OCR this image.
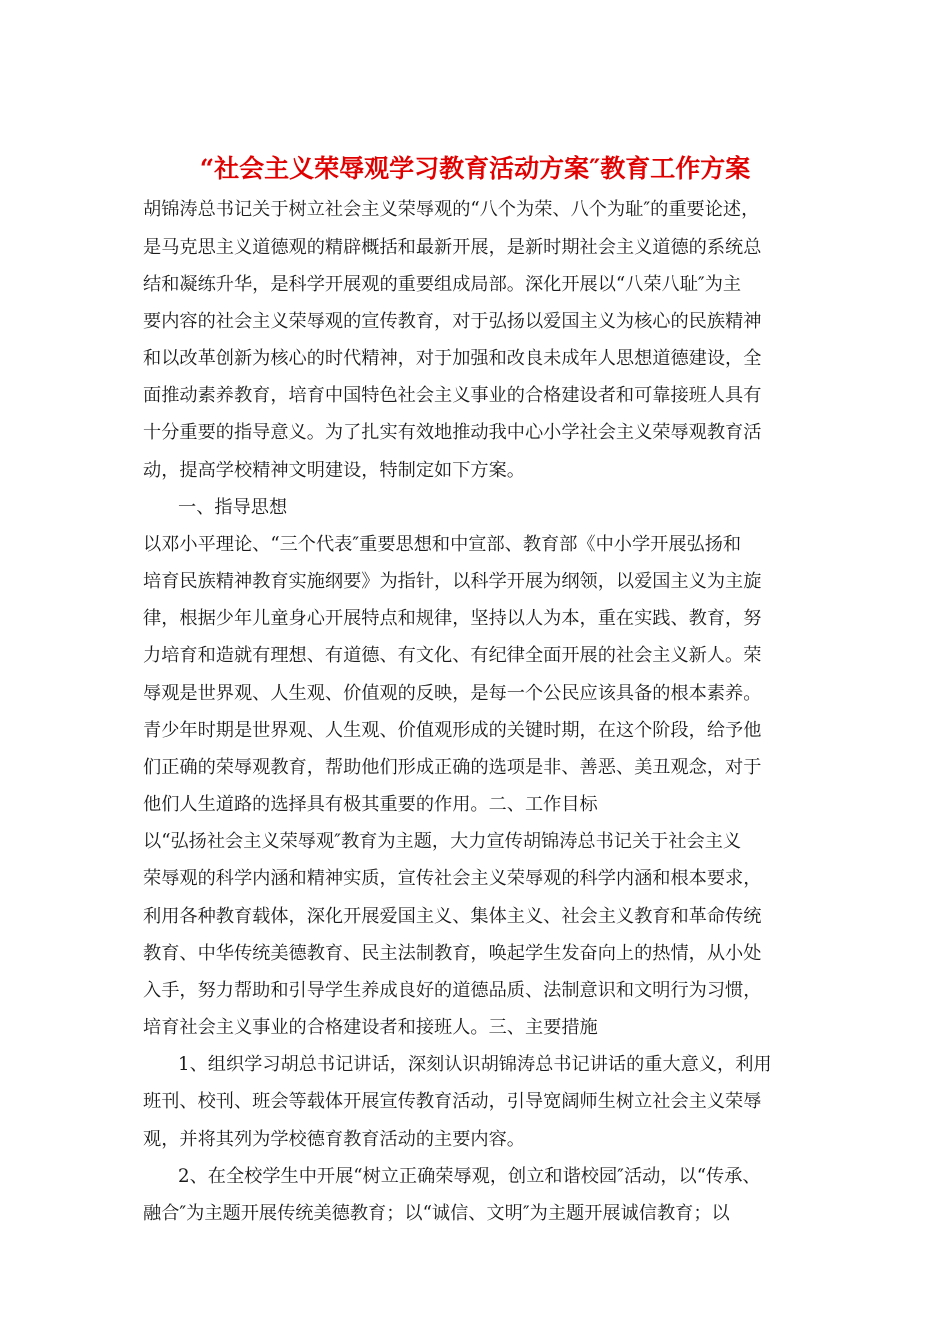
“社会主义荣辱观学习教育活动方案″教育工作方案
胡锦涛总书记关于树立社会主义荣辱观的“八个为荣、八个为耻″的重要论述，
是马克思主义道德观的精辟概括和最新开展，是新时期社会主义道德的系统总
结和凝练升华，是科学开展观的重要组成局部。深化开展以“八荣八耻″为主
要内容的社会主义荣辱观的宣传教育，对于弘扬以爱国主义为核心的民族精神
和以改革创新为核心的时代精神，对于加强和改良未成年人思想道德建设，全
面推动素养教育，培育中国特色社会主义事业的合格建设者和可靠接班人具有
十分重要的指导意义。为了扎实有效地推动我中心小学社会主义荣辱观教育活
动，提高学校精神文明建设，特制定如下方案。
一、指导思想
以邓小平理论、“三个代表″重要思想和中宣部、教育部《中小学开展弘扬和
培育民族精神教育实施纲要》为指针，以科学开展为纲领，以爱国主义为主旋
律，根据少年儿童身心开展特点和规律，坚持以人为本，重在实践、教育，努
力培育和造就有理想、有道德、有文化、有纪律全面开展的社会主义新人。荣
辱观是世界观、人生观、价值观的反映，是每一个公民应该具备的根本素养。
青少年时期是世界观、人生观、价值观形成的关键时期，在这个阶段，给予他
们正确的荣辱观教育，帮助他们形成正确的选项是非、善恶、美丑观念，对于
他们人生道路的选择具有极其重要的作用。二、工作目标
以“弘扬社会主义荣辱观″教育为主题，大力宣传胡锦涛总书记关于社会主义
荣辱观的科学内涵和精神实质，宣传社会主义荣辱观的科学内涵和根本要求，
利用各种教育载体，深化开展爱国主义、集体主义、社会主义教育和革命传统
教育、中华传统美德教育、民主法制教育，唤起学生发奋向上的热情，从小处
入手，努力帮助和引导学生养成良好的道德品质、法制意识和文明行为习惯，
培育社会主义事业的合格建设者和接班人。三、主要措施
1、组织学习胡总书记讲话，深刻认识胡锦涛总书记讲话的重大意义，利用
班刊、校刊、班会等载体开展宣传教育活动，引导宽阔师生树立社会主义荣辱
观，并将其列为学校德育教育活动的主要内容。
2、在全校学生中开展“树立正确荣辱观，创立和谐校园″活动，以“传承、
融合″为主题开展传统美德教育；以“诚信、文明″为主题开展诚信教育；以
